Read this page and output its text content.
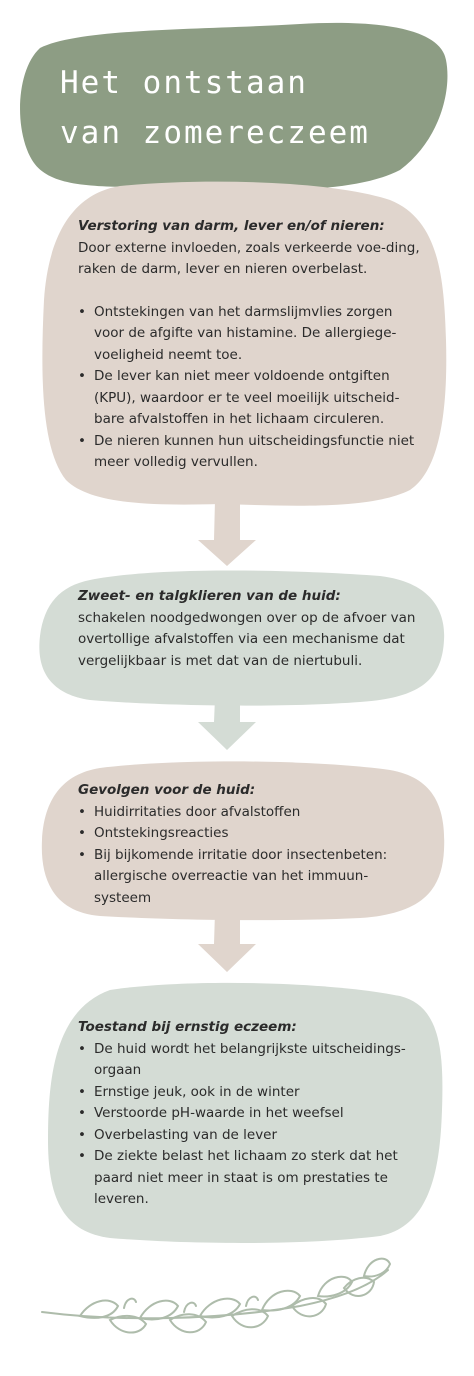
Het ontstaan
van zomereczeem
Verstoring van darm, lever en/of nieren:

Door externe invloeden, zoals verkeerde voe-ding, raken de darm, lever en nieren overbelast.

• Ontstekingen van het darmslijmvlies zorgen voor de afgifte van histamine. De allergiege-voeligheid neemt toe.
• De lever kan niet meer voldoende ontgiften (KPU), waardoor er te veel moeilijk uitscheid-bare afvalstoffen in het lichaam circuleren.
• De nieren kunnen hun uitscheidingsfunctie niet meer volledig vervullen.
Zweet- en talgklieren van de huid:

schakelen noodgedwongen over op de afvoer van overtollige afvalstoffen via een mechanisme dat vergelijkbaar is met dat van de niertubuli.

Gevolgen voor de huid:
• Huidirritaties door afvalstoffen
• Ontstekingsreacties
• Bij bijkomende irritatie door insectenbeten: allergische overreactie van het immuun-systeem
Toestand bij ernstig eczeem:
• De huid wordt het belangrijkste uitscheidings-orgaan
• Ernstige jeuk, ook in de winter
• Verstoorde pH-waarde in het weefsel
• Overbelasting van de lever
• De ziekte belast het lichaam zo sterk dat het paard niet meer in staat is om prestaties te leveren.
